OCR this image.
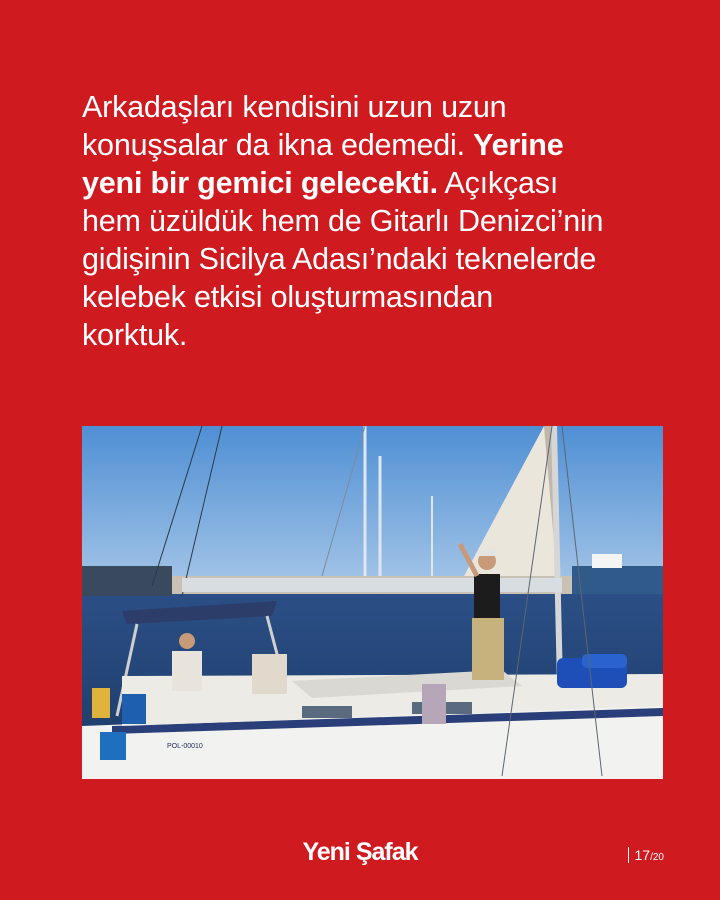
Arkadaşları kendisini uzun uzun
konuşsalar da ikna edemedi. Yerine
yeni bir gemici gelecekti. Açıkçası
hem üzüldük hem de Gitarlı Denizci’nin
gidişinin Sicilya Adası’ndaki teknelerde
kelebek etkisi oluşturmasından
korktuk.
POL-00010
Yeni Şafak	17 /20
